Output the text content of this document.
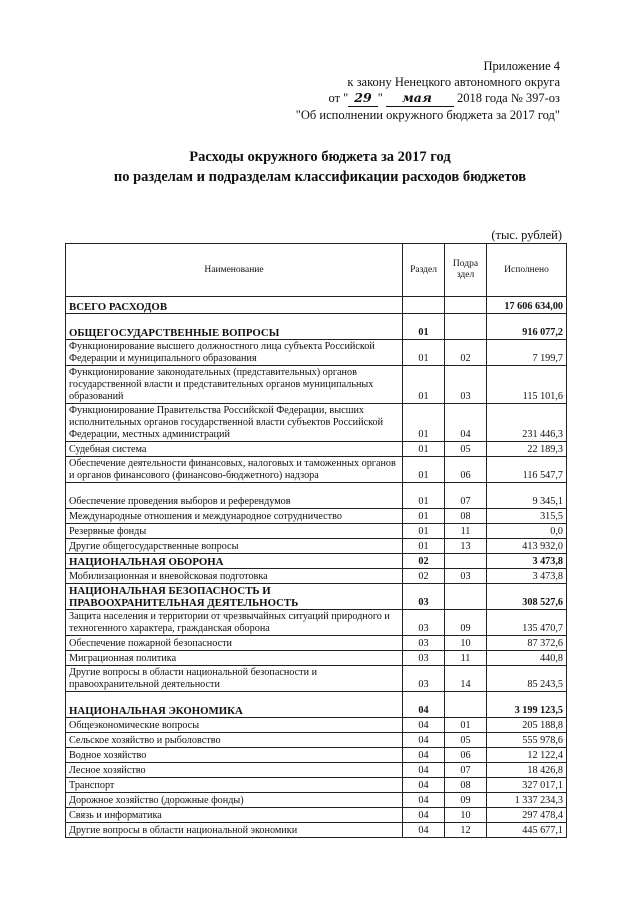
Приложение 4
к закону Ненецкого автономного округа
от " 29 " мая 2018 года № 397-оз
"Об исполнении окружного бюджета за 2017 год"
Расходы окружного бюджета за 2017 год
по разделам и подразделам классификации расходов бюджетов
(тыс. рублей)
Наименование	Раздел	Подра здел	Исполнено
ВСЕГО РАСХОДОВ			17 606 634,00
ОБЩЕГОСУДАРСТВЕННЫЕ ВОПРОСЫ	01		916 077,2
Функционирование высшего должностного лица субъекта Российской Федерации и муниципального образования	01	02	7 199,7
Функционирование законодательных (представительных) органов государственной власти и представительных органов муниципальных образований	01	03	115 101,6
Функционирование Правительства Российской Федерации, высших исполнительных органов государственной власти субъектов Российской Федерации, местных администраций	01	04	231 446,3
Судебная система	01	05	22 189,3
Обеспечение деятельности финансовых, налоговых и таможенных органов и органов финансового (финансово-бюджетного) надзора	01	06	116 547,7
Обеспечение проведения выборов и референдумов	01	07	9 345,1
Международные отношения и международное сотрудничество	01	08	315,5
Резервные фонды	01	11	0,0
Другие общегосударственные вопросы	01	13	413 932,0
НАЦИОНАЛЬНАЯ ОБОРОНА	02		3 473,8
Мобилизационная и вневойсковая подготовка	02	03	3 473,8
НАЦИОНАЛЬНАЯ БЕЗОПАСНОСТЬ И ПРАВООХРАНИТЕЛЬНАЯ ДЕЯТЕЛЬНОСТЬ	03		308 527,6
Защита населения и территории от чрезвычайных ситуаций природного и техногенного характера, гражданская оборона	03	09	135 470,7
Обеспечение пожарной безопасности	03	10	87 372,6
Миграционная политика	03	11	440,8
Другие вопросы в области национальной безопасности и правоохранительной деятельности	03	14	85 243,5
НАЦИОНАЛЬНАЯ ЭКОНОМИКА	04		3 199 123,5
Общеэкономические вопросы	04	01	205 188,8
Сельское хозяйство и рыболовство	04	05	555 978,6
Водное хозяйство	04	06	12 122,4
Лесное хозяйство	04	07	18 426,8
Транспорт	04	08	327 017,1
Дорожное хозяйство (дорожные фонды)	04	09	1 337 234,3
Связь и информатика	04	10	297 478,4
Другие вопросы в области национальной экономики	04	12	445 677,1
